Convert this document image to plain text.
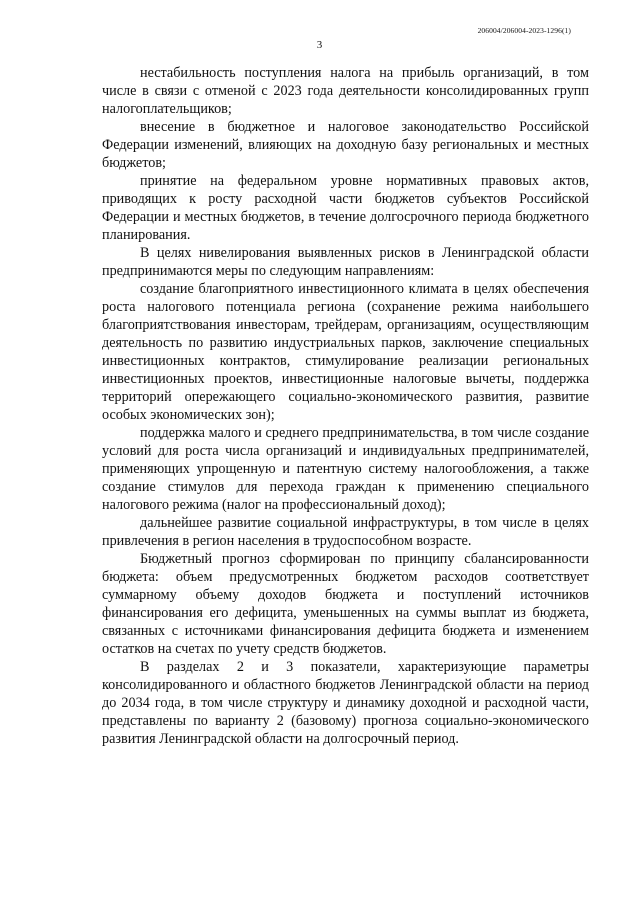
206004/206004-2023-1296(1)
3

нестабильность поступления налога на прибыль организаций, в том числе в связи с отменой с 2023 года деятельности консолидированных групп налогоплательщиков;

внесение в бюджетное и налоговое законодательство Российской Федерации изменений, влияющих на доходную базу региональных и местных бюджетов;

принятие на федеральном уровне нормативных правовых актов, приводящих к росту расходной части бюджетов субъектов Российской Федерации и местных бюджетов, в течение долгосрочного периода бюджетного планирования.

В целях нивелирования выявленных рисков в Ленинградской области предпринимаются меры по следующим направлениям:

создание благоприятного инвестиционного климата в целях обеспечения роста налогового потенциала региона (сохранение режима наибольшего благоприятствования инвесторам, трейдерам, организациям, осуществляющим деятельность по развитию индустриальных парков, заключение специальных инвестиционных контрактов, стимулирование реализации региональных инвестиционных проектов, инвестиционные налоговые вычеты, поддержка территорий опережающего социально-экономического развития, развитие особых экономических зон);

поддержка малого и среднего предпринимательства, в том числе создание условий для роста числа организаций и индивидуальных предпринимателей, применяющих упрощенную и патентную систему налогообложения, а также создание стимулов для перехода граждан к применению специального налогового режима (налог на профессиональный доход);

дальнейшее развитие социальной инфраструктуры, в том числе в целях привлечения в регион населения в трудоспособном возрасте.

Бюджетный прогноз сформирован по принципу сбалансированности бюджета: объем предусмотренных бюджетом расходов соответствует суммарному объему доходов бюджета и поступлений источников финансирования его дефицита, уменьшенных на суммы выплат из бюджета, связанных с источниками финансирования дефицита бюджета и изменением остатков на счетах по учету средств бюджетов.

В разделах 2 и 3 показатели, характеризующие параметры консолидированного и областного бюджетов Ленинградской области на период до 2034 года, в том числе структуру и динамику доходной и расходной части, представлены по варианту 2 (базовому) прогноза социально-экономического развития Ленинградской области на долгосрочный период.
